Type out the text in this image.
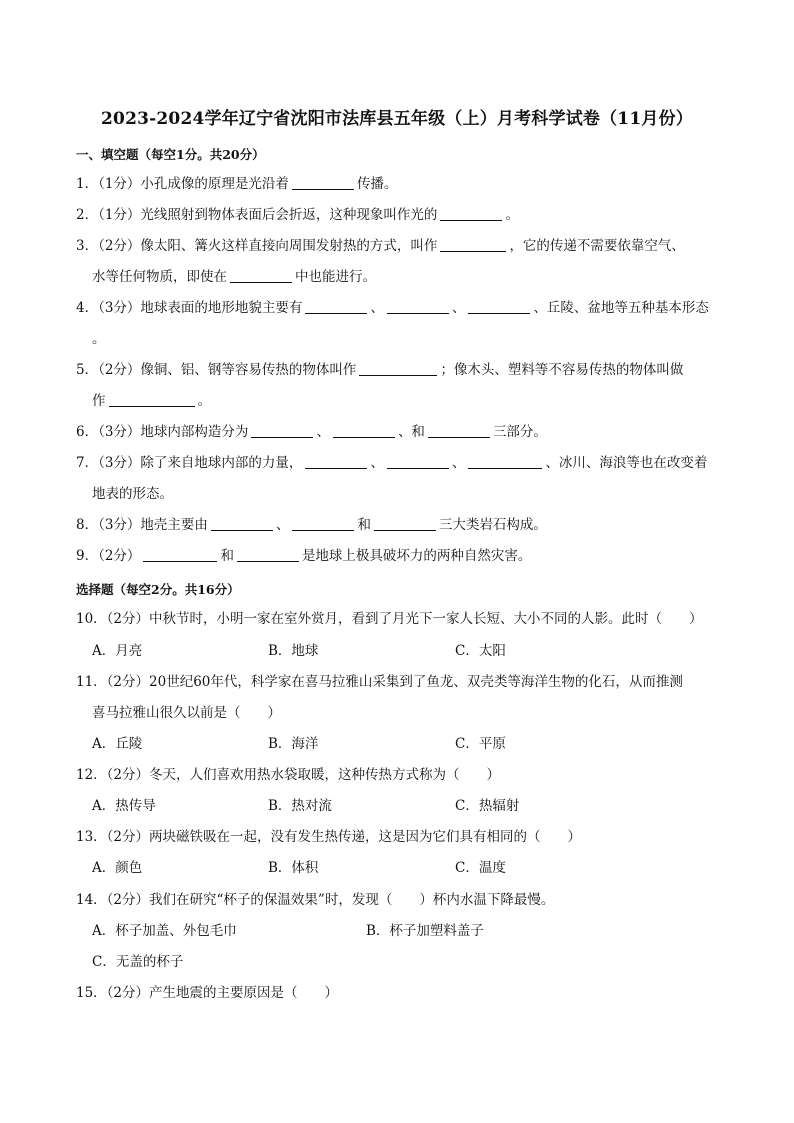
2023-2024学年辽宁省沈阳市法库县五年级（上）月考科学试卷（11月份）
一、填空题（每空1分。共20分）
1．（1分）小孔成像的原理是光沿着	传播。
2．（1分）光线照射到物体表面后会折返，这种现象叫作光的	。
3．（2分）像太阳、篝火这样直接向周围发射热的方式，叫作	，它的传递不需要依靠空气、
水等任何物质，即使在	中也能进行。
4．（3分）地球表面的地形地貌主要有	、	、	、丘陵、盆地等五种基本形态
。
5．（2分）像铜、铝、钢等容易传热的物体叫作	；像木头、塑料等不容易传热的物体叫做
作	。
6．（3分）地球内部构造分为	、	、和	三部分。
7．（3分）除了来自地球内部的力量，	、	、	、冰川、海浪等也在改变着
地表的形态。
8．（3分）地壳主要由	、	和	三大类岩石构成。
9．（2分）	和	是地球上极具破坏力的两种自然灾害。
选择题（每空2分。共16分）
10．（2分）中秋节时，小明一家在室外赏月，看到了月光下一家人长短、大小不同的人影。此时（　　）
A．月亮	B．地球	C．太阳
11．（2分）20世纪60年代，科学家在喜马拉雅山采集到了鱼龙、双壳类等海洋生物的化石，从而推测
喜马拉雅山很久以前是（　　）
A．丘陵	B．海洋	C．平原
12．（2分）冬天，人们喜欢用热水袋取暖，这种传热方式称为（　　）
A．热传导	B．热对流	C．热辐射
13．（2分）两块磁铁吸在一起，没有发生热传递，这是因为它们具有相同的（　　）
A．颜色	B．体积	C．温度
14．（2分）我们在研究“杯子的保温效果”时，发现（　　）杯内水温下降最慢。
A．杯子加盖、外包毛巾	B．杯子加塑料盖子
C．无盖的杯子
15．（2分）产生地震的主要原因是（　　）
